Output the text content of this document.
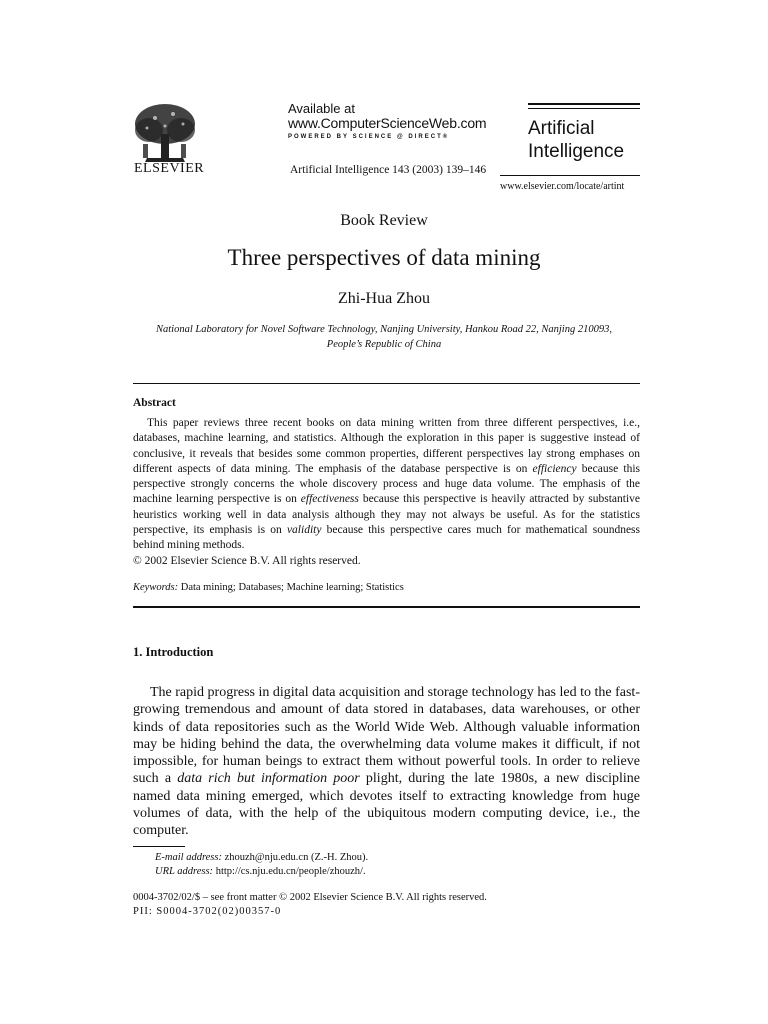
ELSEVIER
Available at
www.ComputerScienceWeb.com
POWERED BY SCIENCE @ DIRECT®
Artificial Intelligence 143 (2003) 139–146
Artificial
Intelligence
www.elsevier.com/locate/artint
Book Review
Three perspectives of data mining
Zhi-Hua Zhou
National Laboratory for Novel Software Technology, Nanjing University, Hankou Road 22, Nanjing 210093,
People’s Republic of China
Abstract

This paper reviews three recent books on data mining written from three different perspectives, i.e., databases, machine learning, and statistics. Although the exploration in this paper is suggestive instead of conclusive, it reveals that besides some common properties, different perspectives lay strong emphases on different aspects of data mining. The emphasis of the database perspective is on efficiency because this perspective strongly concerns the whole discovery process and huge data volume. The emphasis of the machine learning perspective is on effectiveness because this perspective is heavily attracted by substantive heuristics working well in data analysis although they may not always be useful. As for the statistics perspective, its emphasis is on validity because this perspective cares much for mathematical soundness behind mining methods.

© 2002 Elsevier Science B.V. All rights reserved.

Keywords: Data mining; Databases; Machine learning; Statistics
1. Introduction

The rapid progress in digital data acquisition and storage technology has led to the fast-growing tremendous and amount of data stored in databases, data warehouses, or other kinds of data repositories such as the World Wide Web. Although valuable information may be hiding behind the data, the overwhelming data volume makes it difficult, if not impossible, for human beings to extract them without powerful tools. In order to relieve such a data rich but information poor plight, during the late 1980s, a new discipline named data mining emerged, which devotes itself to extracting knowledge from huge volumes of data, with the help of the ubiquitous modern computing device, i.e., the computer.

E-mail address: zhouzh@nju.edu.cn (Z.-H. Zhou).
URL address: http://cs.nju.edu.cn/people/zhouzh/.
0004-3702/02/$ – see front matter © 2002 Elsevier Science B.V. All rights reserved.
PII: S0004-3702(02)00357-0
